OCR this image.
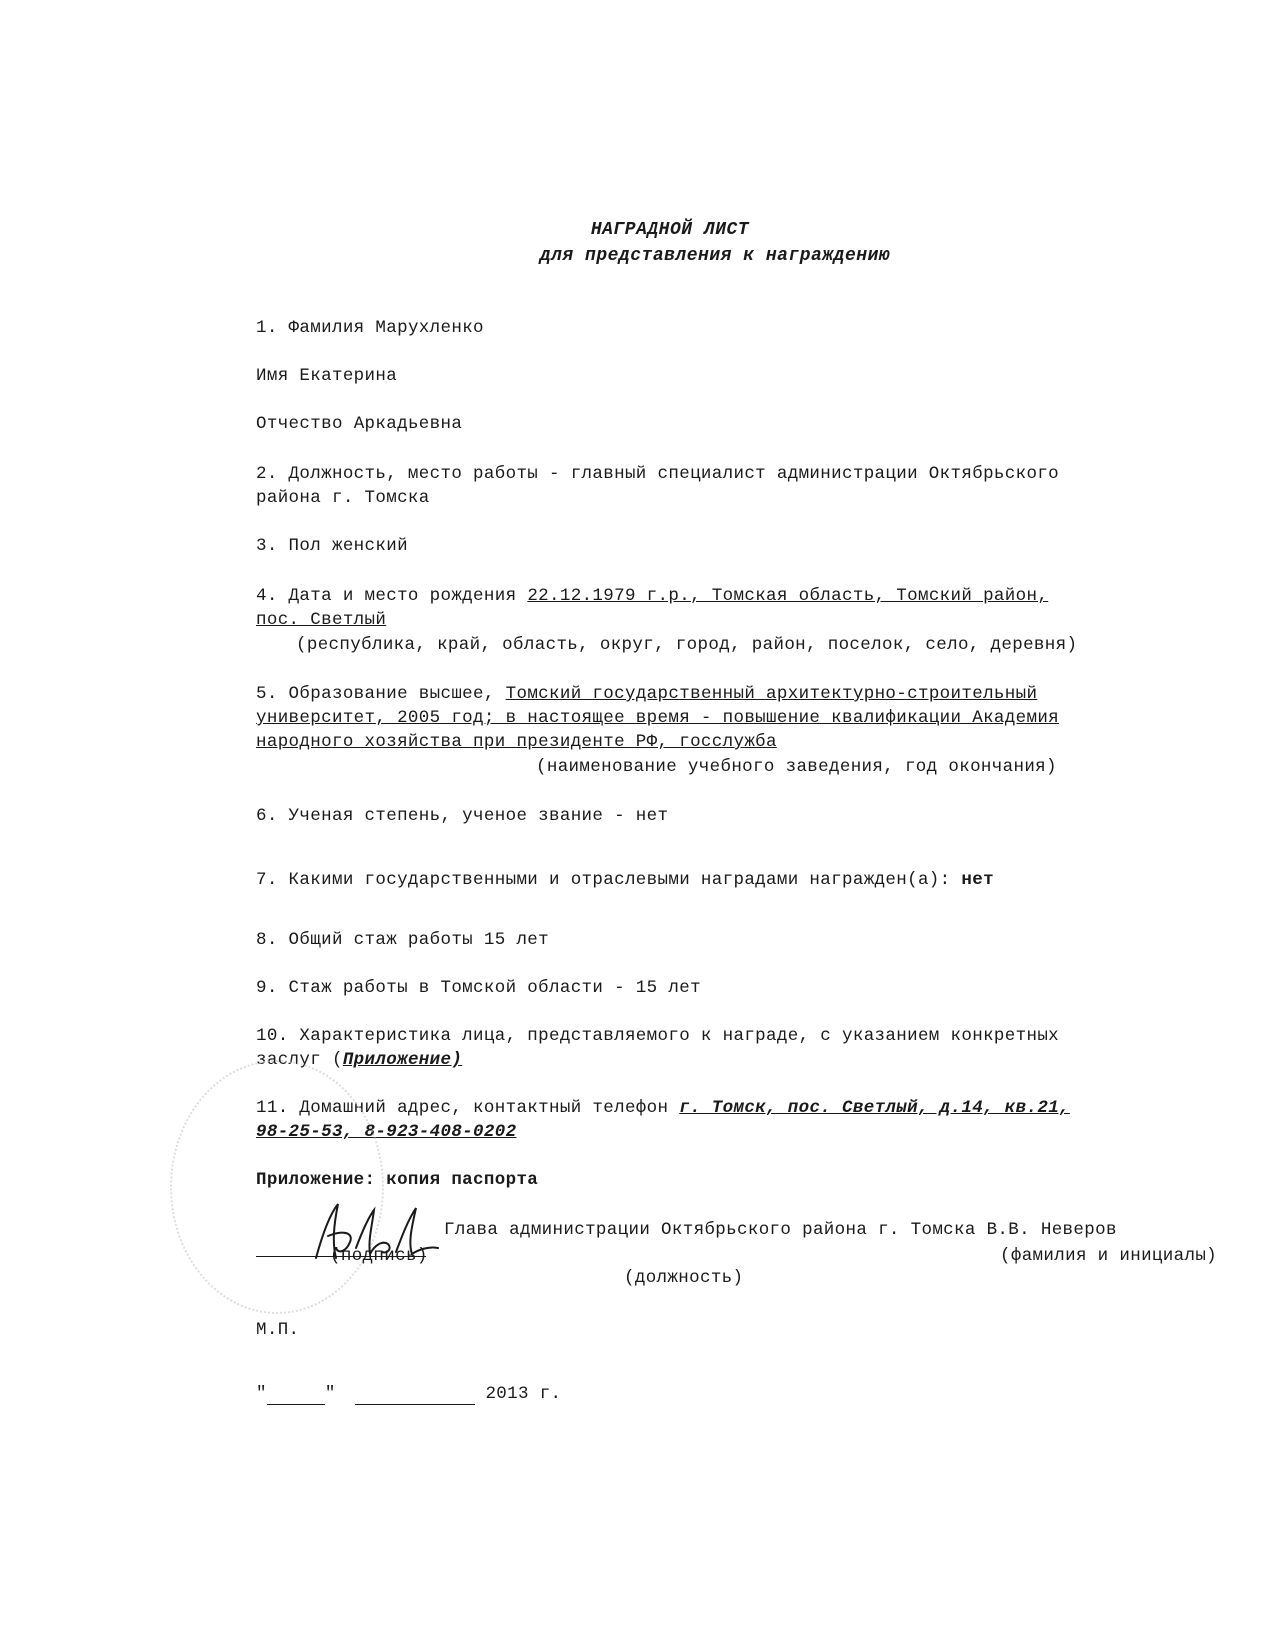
НАГРАДНОЙ ЛИСТ
для представления к награждению
1. Фамилия Марухленко
Имя Екатерина
Отчество Аркадьевна
2. Должность, место работы - главный специалист администрации Октябрьского
района г. Томска
3. Пол женский
4. Дата и место рождения 22.12.1979 г.р., Томская область, Томский район,
пос. Светлый
(республика, край, область, округ, город, район, поселок, село, деревня)
5. Образование высшее, Томский государственный архитектурно-строительный
университет, 2005 год; в настоящее время - повышение квалификации Академия
народного хозяйства при президенте РФ, госслужба
(наименование учебного заведения, год окончания)
6. Ученая степень, ученое звание - нет
7. Какими государственными и отраслевыми наградами награжден(а): нет
8. Общий стаж работы 15 лет
9. Стаж работы в Томской области - 15 лет
10. Характеристика лица, представляемого к награде, с указанием конкретных
заслуг (Приложение)
11. Домашний адрес, контактный телефон г. Томск, пос. Светлый, д.14, кв.21,
98-25-53, 8-923-408-0202
Приложение: копия паспорта
Глава администрации Октябрьского района г. Томска В.В. Неверов
(подпись)	(фамилия и инициалы)
(должность)
М.П.
"	"	2013 г.
